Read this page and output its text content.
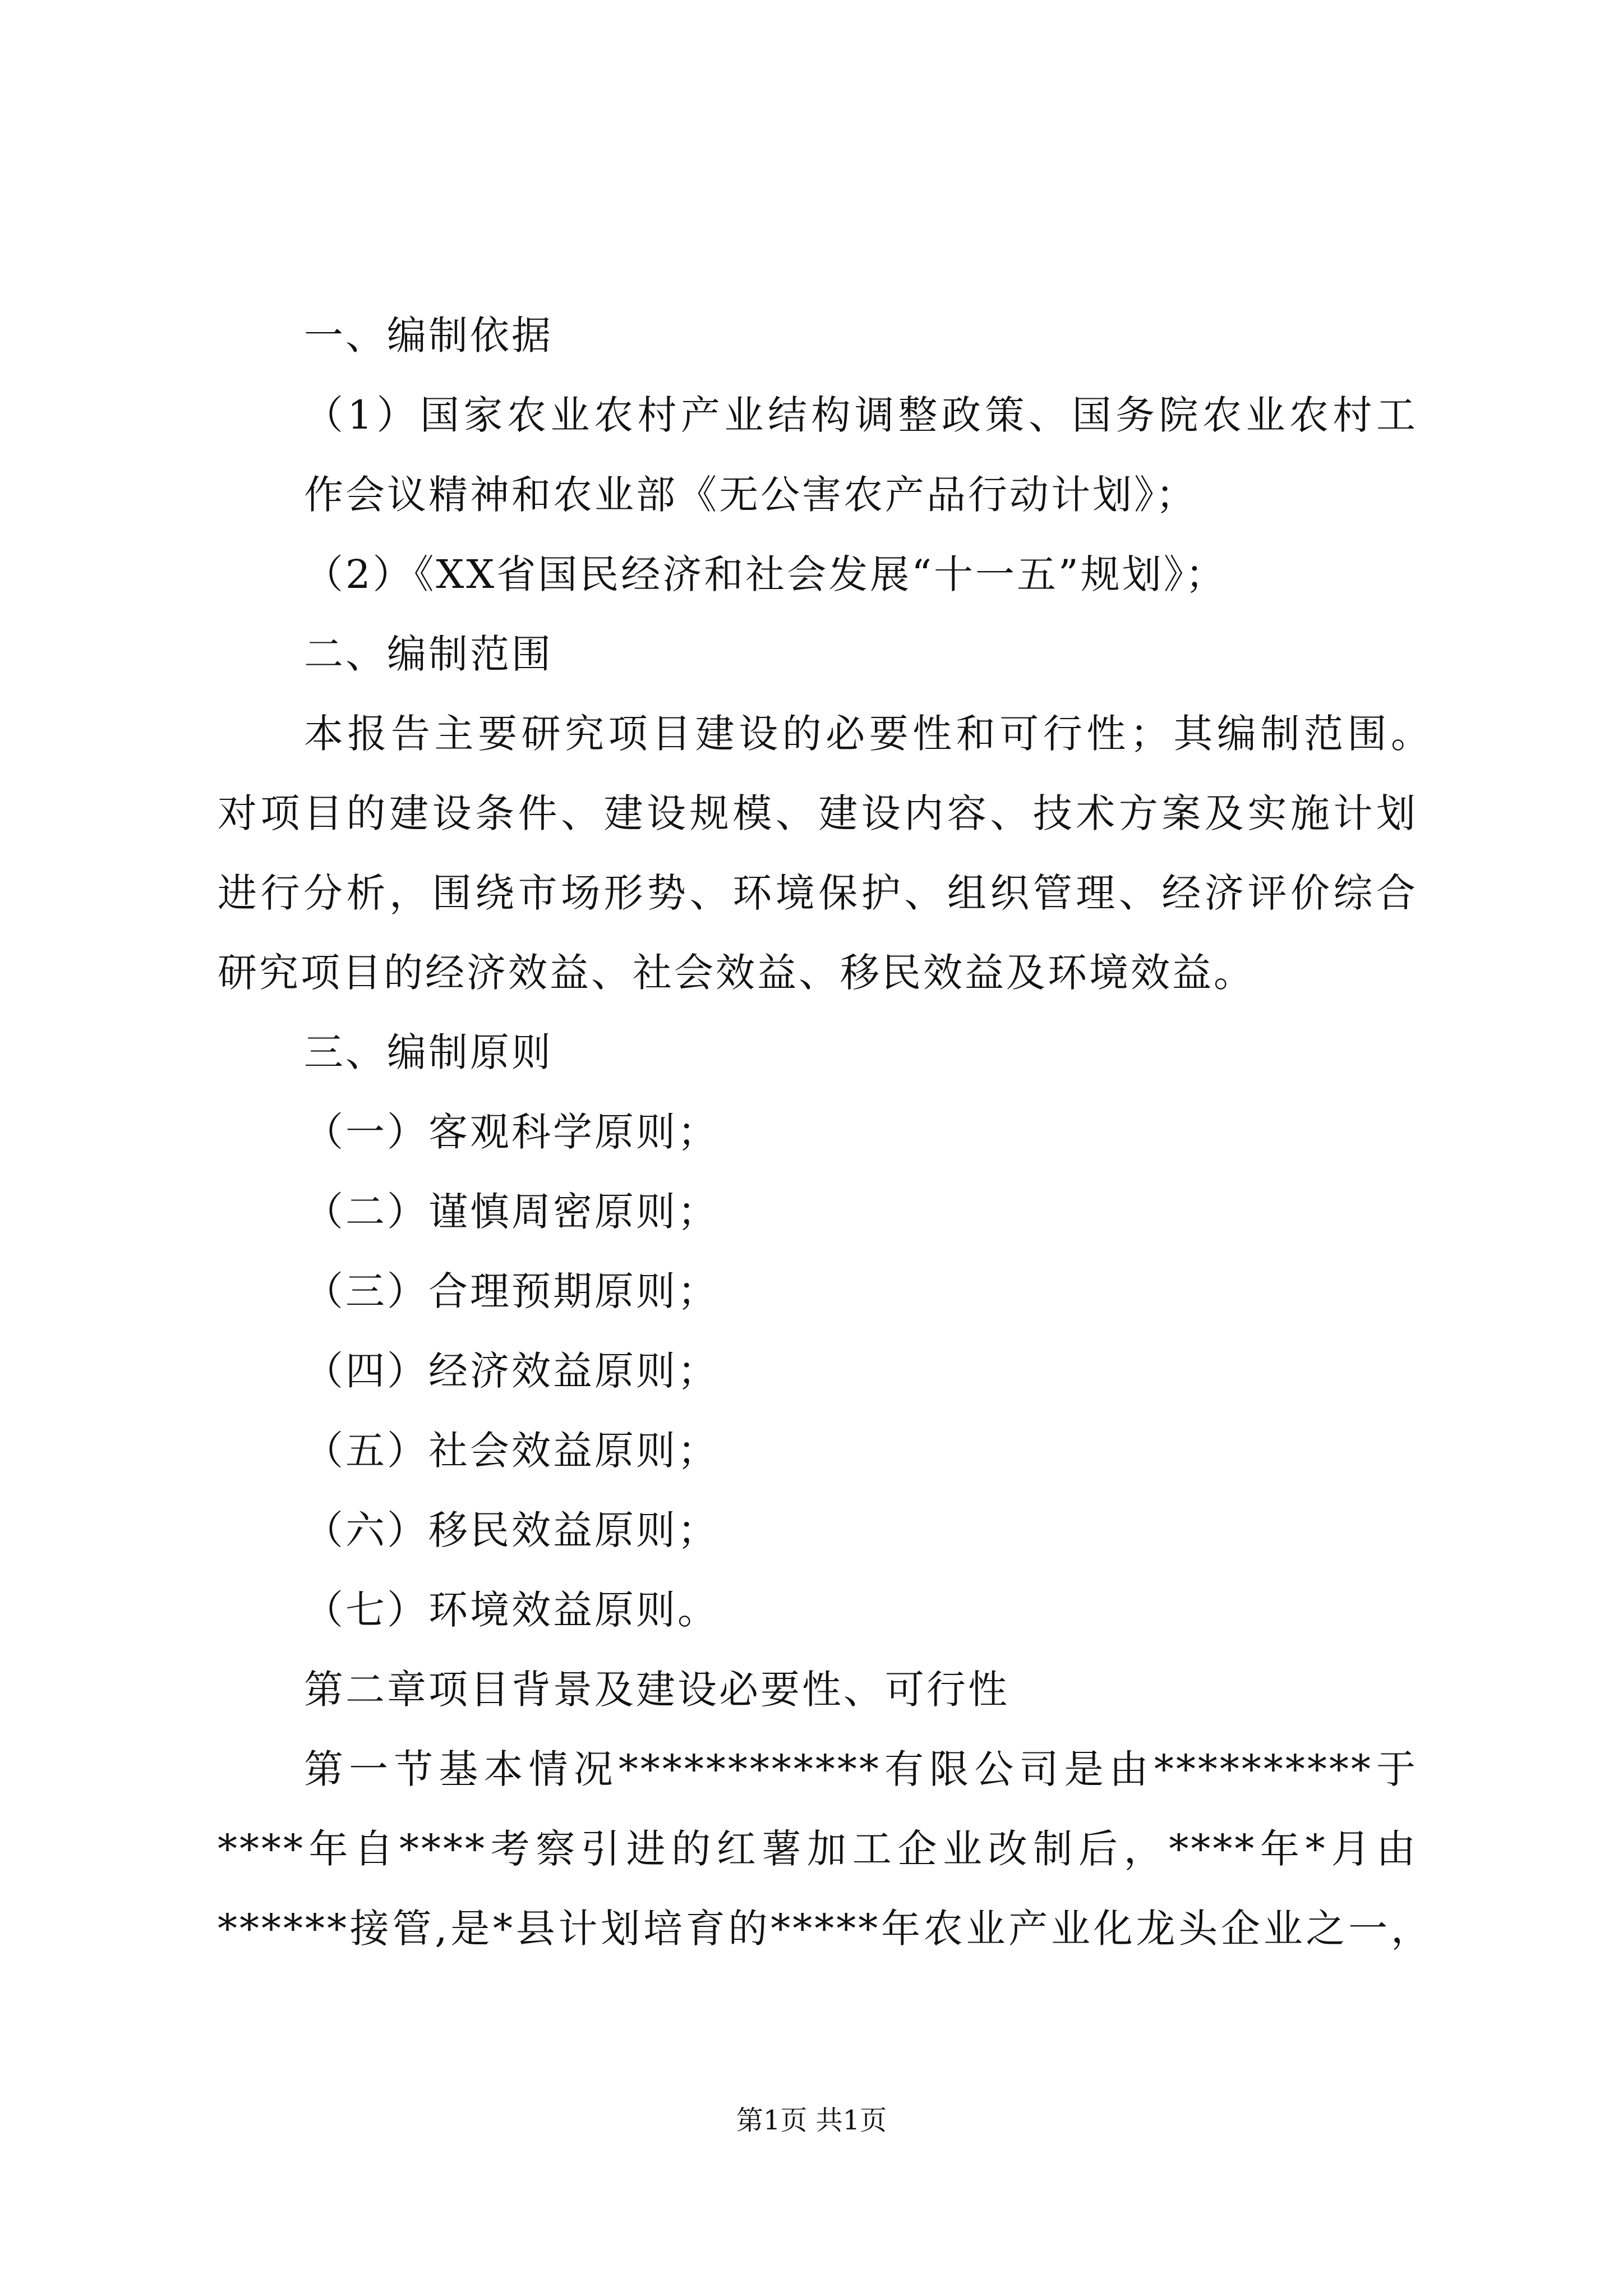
一、编制依据
（1）国家农业农村产业结构调整政策、国务院农业农村工
作会议精神和农业部《无公害农产品行动计划》；
（2）《XX省国民经济和社会发展“十一五”规划》；
二、编制范围
本报告主要研究项目建设的必要性和可行性；其编制范围。
对项目的建设条件、建设规模、建设内容、技术方案及实施计划
进行分析，围绕市场形势、环境保护、组织管理、经济评价综合
研究项目的经济效益、社会效益、移民效益及环境效益。
三、编制原则
（一）客观科学原则；
（二）谨慎周密原则；
（三）合理预期原则；
（四）经济效益原则；
（五）社会效益原则；
（六）移民效益原则；
（七）环境效益原则。
第二章项目背景及建设必要性、可行性
第一节基本情况************有限公司是由**********于
****年自****考察引进的红薯加工企业改制后，****年*月由
******接管,是*县计划培育的*****年农业产业化龙头企业之一，
第1页 共1页
